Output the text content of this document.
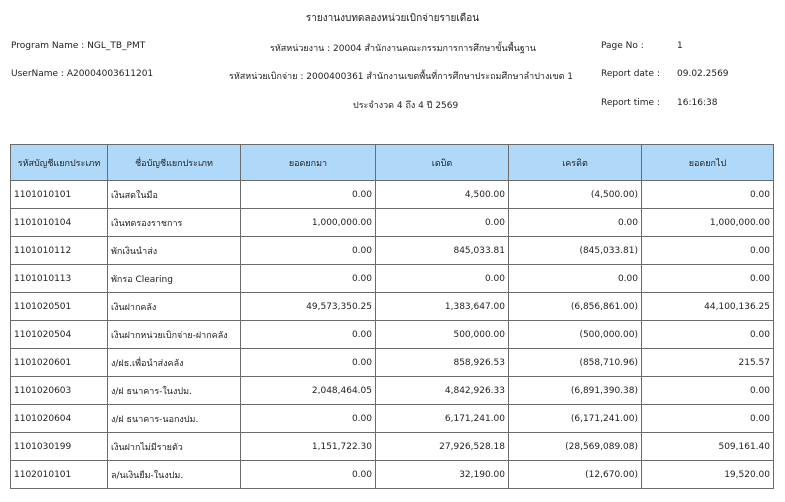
รายงานงบทดลองหน่วยเบิกจ่ายรายเดือน
Program Name : NGL_TB_PMT
UserName : A20004003611201
รหัสหน่วยงาน : 20004 สำนักงานคณะกรรมการการศึกษาขั้นพื้นฐาน
รหัสหน่วยเบิกจ่าย : 2000400361 สำนักงานเขตพื้นที่การศึกษาประถมศึกษาลำปางเขต 1
ประจำงวด 4 ถึง 4 ปี 2569
Page No :	1
Report date : 09.02.2569
Report time : 16:16:38
รหัสบัญชีแยกประเภท	ชื่อบัญชีแยกประเภท	ยอดยกมา	เดบิต	เครดิต	ยอดยกไป
1101010101	เงินสดในมือ	0.00	4,500.00	(4,500.00)	0.00
1101010104	เงินทดรองราชการ	1,000,000.00	0.00	0.00	1,000,000.00
1101010112	พักเงินนำส่ง	0.00	845,033.81	(845,033.81)	0.00
1101010113	พักรอ Clearing	0.00	0.00	0.00	0.00
1101020501	เงินฝากคลัง	49,573,350.25	1,383,647.00	(6,856,861.00)	44,100,136.25
1101020504	เงินฝากหน่วยเบิกจ่าย-ฝากคลัง	0.00	500,000.00	(500,000.00)	0.00
1101020601	ง/ฝธ.เพื่อนำส่งคลัง	0.00	858,926.53	(858,710.96)	215.57
1101020603	ง/ฝ ธนาคาร-ในงปม.	2,048,464.05	4,842,926.33	(6,891,390.38)	0.00
1101020604	ง/ฝ ธนาคาร-นอกงปม.	0.00	6,171,241.00	(6,171,241.00)	0.00
1101030199	เงินฝากไม่มีรายตัว	1,151,722.30	27,926,528.18	(28,569,089.08)	509,161.40
1102010101	ล/นเงินยืม-ในงปม.	0.00	32,190.00	(12,670.00)	19,520.00
